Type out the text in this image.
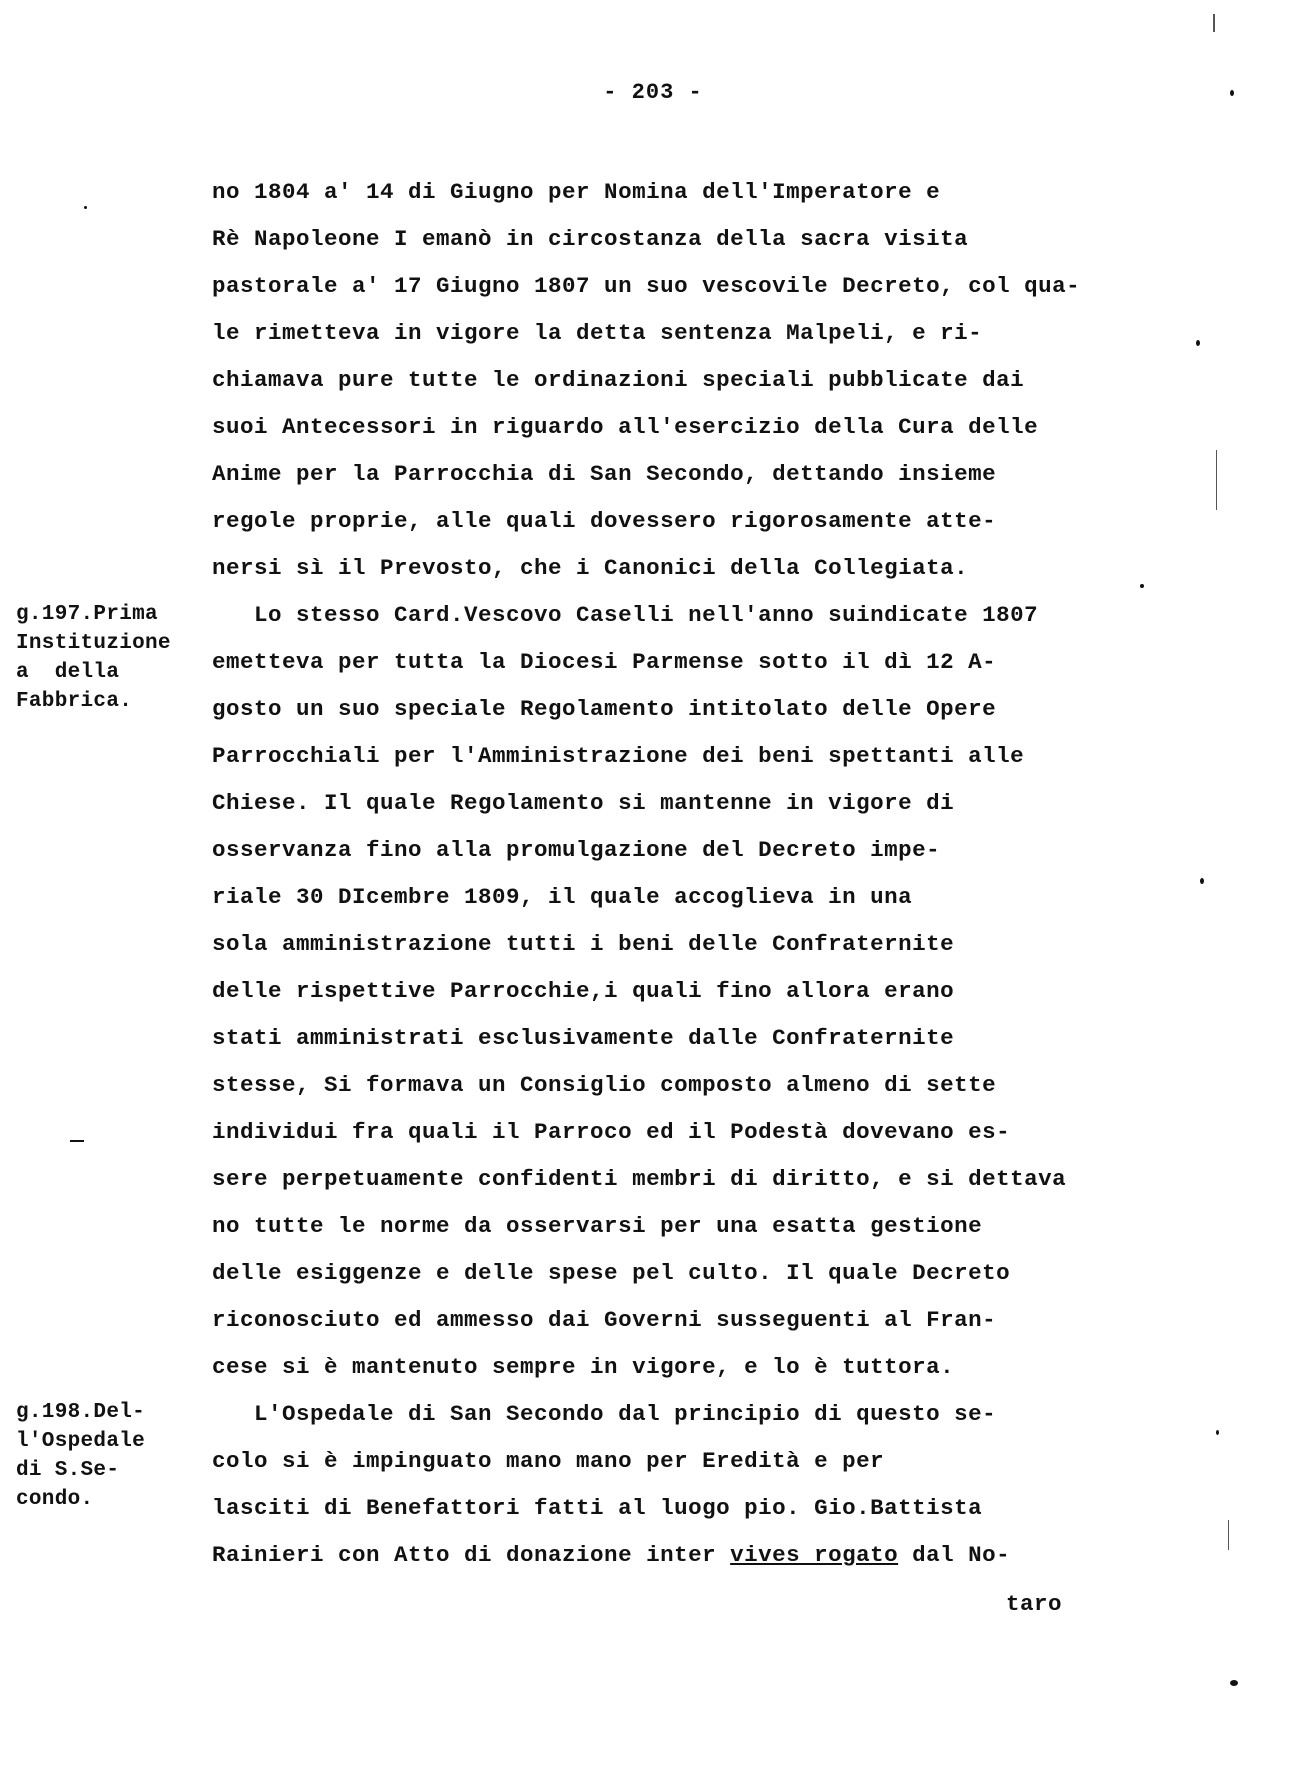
- 203 -
no 1804 a' 14 di Giugno per Nomina dell'Imperatore e
Rè Napoleone I emanò in circostanza della sacra visita
pastorale a' 17 Giugno 1807 un suo vescovile Decreto, col qua-
le rimetteva in vigore la detta sentenza Malpeli, e ri-
chiamava pure tutte le ordinazioni speciali pubblicate dai
suoi Antecessori in riguardo all'esercizio della Cura delle
Anime per la Parrocchia di San Secondo, dettando insieme
regole proprie, alle quali dovessero rigorosamente atte-
nersi sì il Prevosto, che i Canonici della Collegiata.
Lo stesso Card.Vescovo Caselli nell'anno suindicate 1807
emetteva per tutta la Diocesi Parmense sotto il dì 12 A-
gosto un suo speciale Regolamento intitolato delle Opere
Parrocchiali per l'Amministrazione dei beni spettanti alle
Chiese. Il quale Regolamento si mantenne in vigore di
osservanza fino alla promulgazione del Decreto impe-
riale 30 DIcembre 1809, il quale accoglieva in una
sola amministrazione tutti i beni delle Confraternite
delle rispettive Parrocchie,i quali fino allora erano
stati amministrati esclusivamente dalle Confraternite
stesse, Si formava un Consiglio composto almeno di sette
individui fra quali il Parroco ed il Podestà dovevano es-
sere perpetuamente confidenti membri di diritto, e si dettava
no tutte le norme da osservarsi per una esatta gestione
delle esiggenze e delle spese pel culto. Il quale Decreto
riconosciuto ed ammesso dai Governi susseguenti al Fran-
cese si è mantenuto sempre in vigore, e lo è tuttora.
L'Ospedale di San Secondo dal principio di questo se-
colo si è impinguato mano mano per Eredità e per
lasciti di Benefattori fatti al luogo pio. Gio.Battista
Rainieri con Atto di donazione inter vives rogato dal No-
taro
g.197.Prima
Instituzione
a  della
Fabbrica.
g.198.Del-
l'Ospedale
di S.Se-
condo.
